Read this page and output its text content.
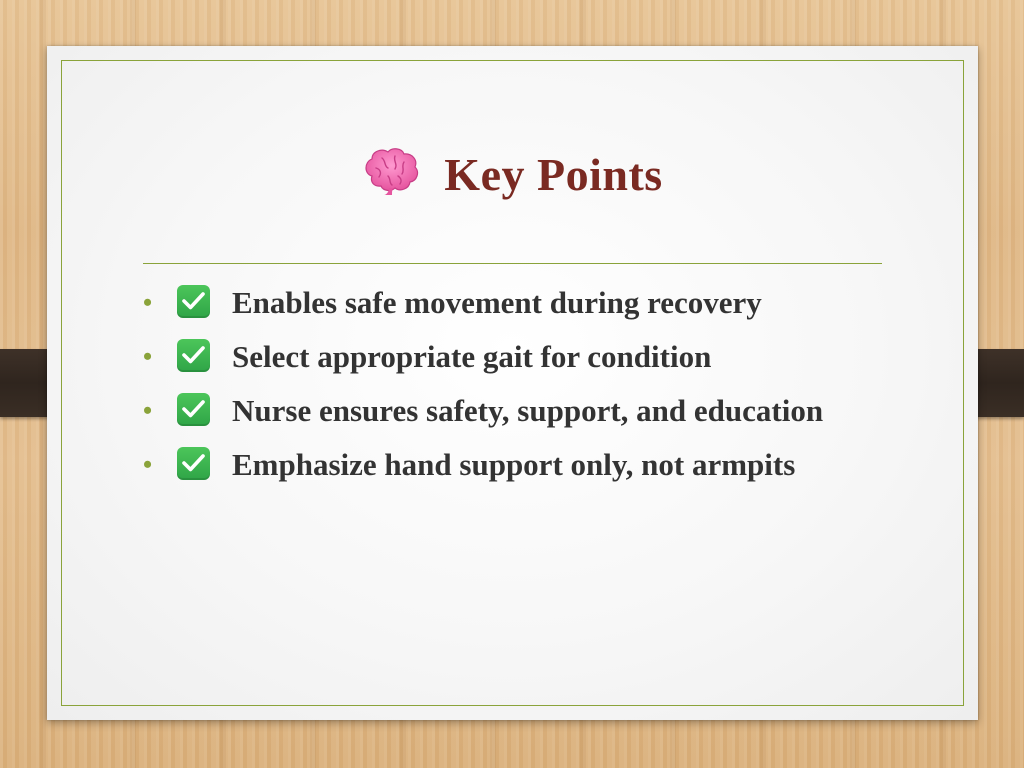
Key Points
•	Enables safe movement during recovery
•	Select appropriate gait for condition
•	Nurse ensures safety, support, and education
•	Emphasize hand support only, not armpits
